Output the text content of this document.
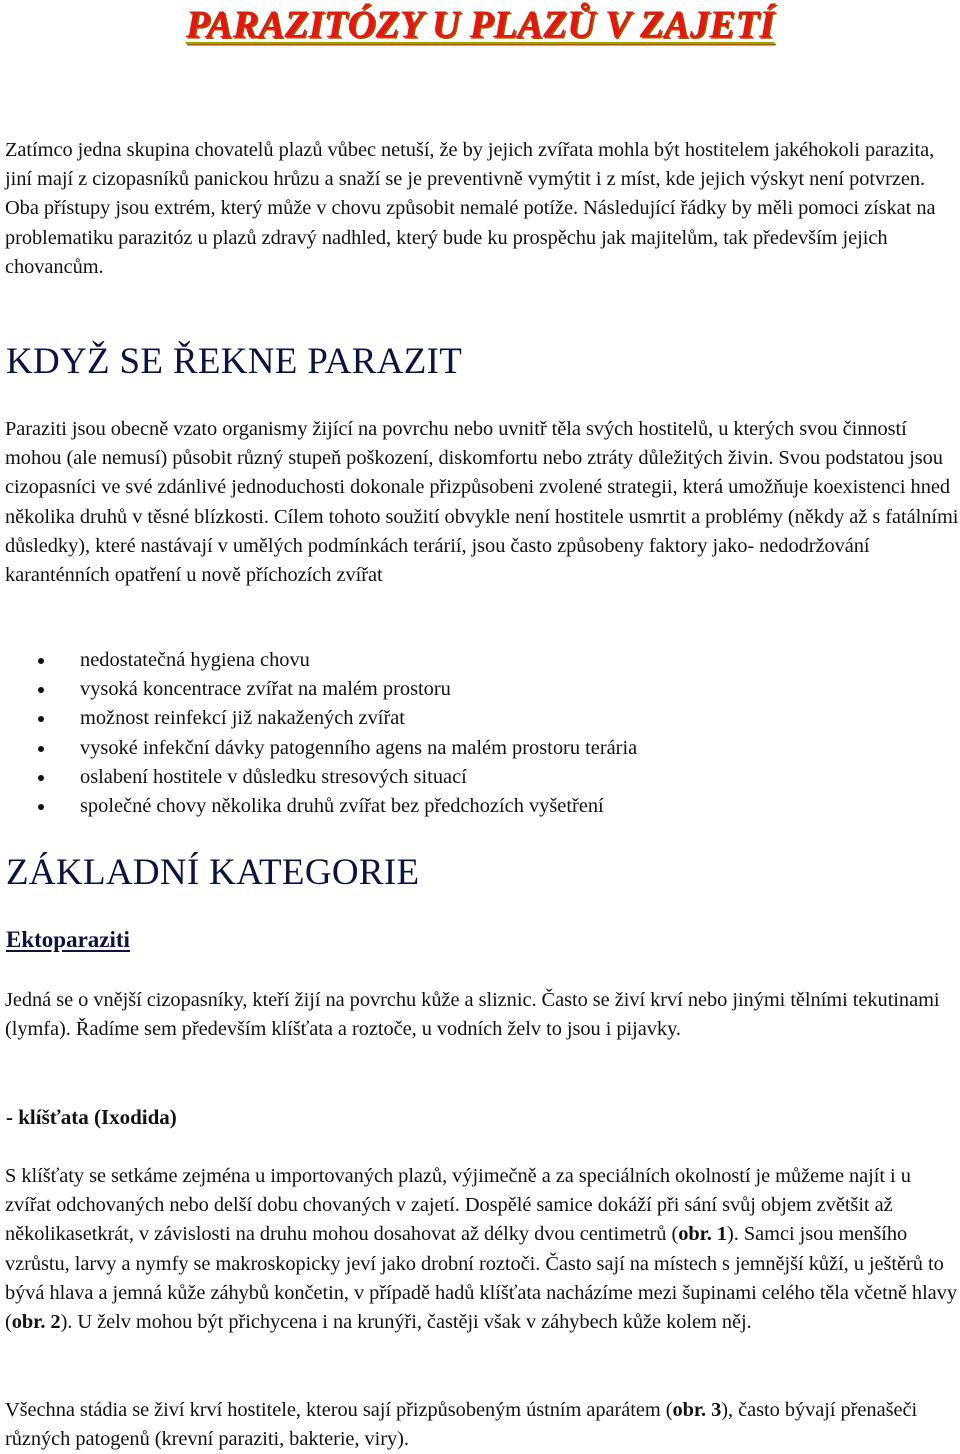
PARAZITÓZY U PLAZŮ V ZAJETÍ

Zatímco jedna skupina chovatelů plazů vůbec netuší, že by jejich zvířata mohla být hostitelem jakéhokoli parazita, jiní mají z cizopasníků panickou hrůzu a snaží se je preventivně vymýtit i z míst, kde jejich výskyt není potvrzen. Oba přístupy jsou extrém, který může v chovu způsobit nemalé potíže. Následující řádky by měli pomoci získat na problematiku parazitóz u plazů zdravý nadhled, který bude ku prospěchu jak majitelům, tak především jejich chovancům.

KDYŽ SE ŘEKNE PARAZIT

Paraziti jsou obecně vzato organismy žijící na povrchu nebo uvnitř těla svých hostitelů, u kterých svou činností mohou (ale nemusí) působit různý stupeň poškození, diskomfortu nebo ztráty důležitých živin. Svou podstatou jsou cizopasníci ve své zdánlivé jednoduchosti dokonale přizpůsobeni zvolené strategii, která umožňuje koexistenci hned několika druhů v těsné blízkosti. Cílem tohoto soužití obvykle není hostitele usmrtit a problémy (někdy až s fatálními důsledky), které nastávají v umělých podmínkách terárií, jsou často způsobeny faktory jako- nedodržování karanténních opatření u nově příchozích zvířat

nedostatečná hygiena chovu
vysoká koncentrace zvířat na malém prostoru
možnost reinfekcí již nakažených zvířat
vysoké infekční dávky patogenního agens na malém prostoru terária
oslabení hostitele v důsledku stresových situací
společné chovy několika druhů zvířat bez předchozích vyšetření
ZÁKLADNÍ KATEGORIE
Ektoparaziti

Jedná se o vnější cizopasníky, kteří žijí na povrchu kůže a sliznic. Často se živí krví nebo jinými tělními tekutinami (lymfa). Řadíme sem především klíšťata a roztoče, u vodních želv to jsou i pijavky.

- klíšťata (Ixodida)

S klíšťaty se setkáme zejména u importovaných plazů, výjimečně a za speciálních okolností je můžeme najít i u zvířat odchovaných nebo delší dobu chovaných v zajetí. Dospělé samice dokáží při sání svůj objem zvětšit až několikasetkrát, v závislosti na druhu mohou dosahovat až délky dvou centimetrů (obr. 1). Samci jsou menšího vzrůstu, larvy a nymfy se makroskopicky jeví jako drobní roztoči. Často sají na místech s jemnější kůží, u ještěrů to bývá hlava a jemná kůže záhybů končetin, v případě hadů klíšťata nacházíme mezi šupinami celého těla včetně hlavy (obr. 2). U želv mohou být přichycena i na krunýři, častěji však v záhybech kůže kolem něj.

Všechna stádia se živí krví hostitele, kterou sají přizpůsobeným ústním aparátem (obr. 3), často bývají přenašeči různých patogenů (krevní paraziti, bakterie, viry).
